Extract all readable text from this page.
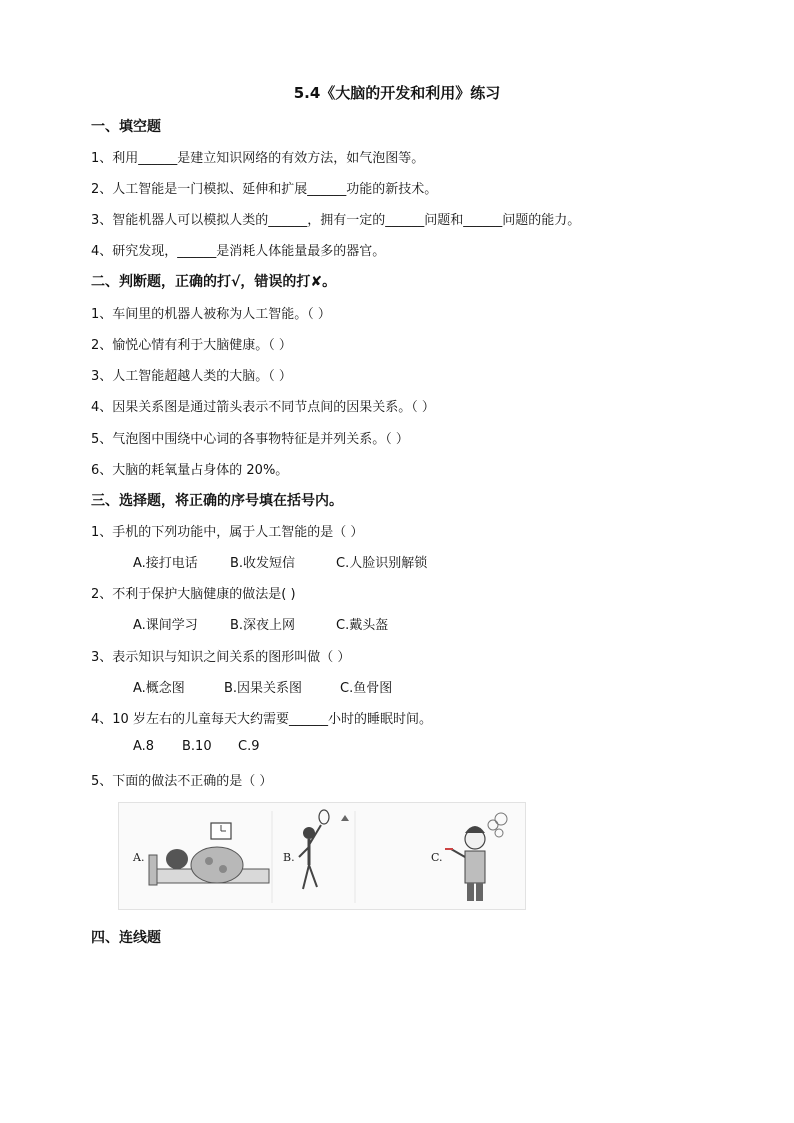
5.4《大脑的开发和利用》练习
一、填空题
1、利用______是建立知识网络的有效方法，如气泡图等。
2、人工智能是一门模拟、延伸和扩展______功能的新技术。
3、智能机器人可以模拟人类的______，拥有一定的______问题和______问题的能力。
4、研究发现，______是消耗人体能量最多的器官。
二、判断题，正确的打√，错误的打✘。
1、车间里的机器人被称为人工智能。（ ）
2、愉悦心情有利于大脑健康。（ ）
3、人工智能超越人类的大脑。（ ）
4、因果关系图是通过箭头表示不同节点间的因果关系。（ ）
5、气泡图中围绕中心词的各事物特征是并列关系。（ ）
6、大脑的耗氧量占身体的 20%。
三、选择题，将正确的序号填在括号内。
1、手机的下列功能中，属于人工智能的是（ ）
A.接打电话 B.收发短信	C.人脸识别解锁
2、不利于保护大脑健康的做法是( )
A.课间学习 B.深夜上网	C.戴头盔
3、表示知识与知识之间关系的图形叫做（ ）
A.概念图	B.因果关系图	C.鱼骨图
4、10 岁左右的儿童每天大约需要______小时的睡眠时间。
A.8 B.10 C.9
5、下面的做法不正确的是（ ）
A.	B.	C.
四、连线题
